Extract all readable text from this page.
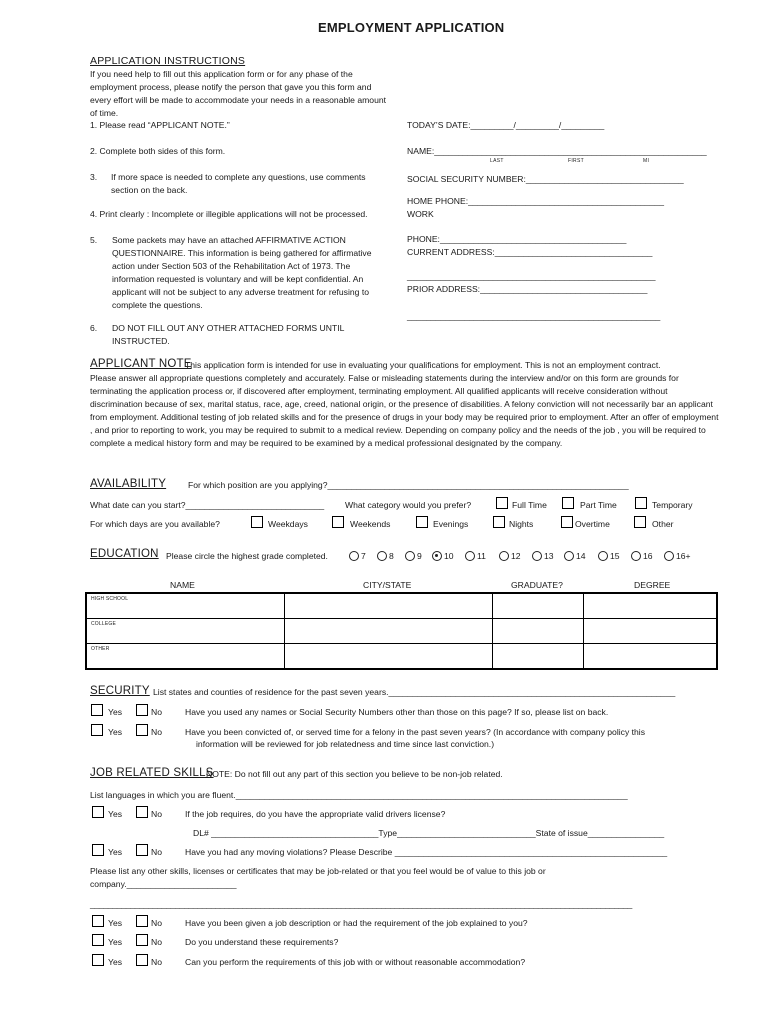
EMPLOYMENT APPLICATION
APPLICATION INSTRUCTIONS
If you need help to fill out this application form or for any phase of the employment process, please notify the person that gave you this form and every effort will be made to accommodate your needs in a reasonable amount of time.
1. Please read “APPLICANT NOTE.”
2. Complete both sides of this form.
3. If more space is needed to complete any questions, use comments section on the back.
4. Print clearly : Incomplete or illegible applications will not be processed.
5. Some packets may have an attached AFFIRMATIVE ACTION QUESTIONNAIRE. This information is being gathered for affirmative action under Section 503 of the Rehabilitation Act of 1973. The information requested is voluntary and will be kept confidential. An applicant will not be subject to any adverse treatment for refusing to complete the questions.
6. DO NOT FILL OUT ANY OTHER ATTACHED FORMS UNTIL INSTRUCTED.
TODAY’S DATE:_________/_________/_________
NAME:_________________________________________________________
LAST	FIRST	MI
SOCIAL SECURITY NUMBER:_________________________________
HOME PHONE:_________________________________________
WORK
PHONE:_______________________________________
CURRENT ADDRESS:_________________________________
____________________________________________________
PRIOR ADDRESS:___________________________________
_____________________________________________________
APPLICANT NOTE
This application form is intended for use in evaluating your qualifications for employment. This is not an employment contract.
Please answer all appropriate questions completely and accurately. False or misleading statements during the interview and/or on this form are grounds for terminating the application process or, if discovered after employment, terminating employment. All qualified applicants will receive consideration without discrimination because of sex, marital status, race, age, creed, national origin, or the presence of disabilities. A felony conviction will not necessarily bar an applicant from employment. Additional testing of job related skills and for the presence of drugs in your body may be required prior to employment. After an offer of employment , and prior to reporting to work, you may be required to submit to a medical review. Depending on company policy and the needs of the job , you will be required to complete a medical history form and may be required to be examined by a medical professional designated by the company.
AVAILABILITY	For which position are you applying?_______________________________________________________________
What date can you start?_____________________________ What category would you prefer?	Full Time	Part Time	Temporary
For which days are you available?	Weekdays	Weekends	Evenings	Nights	Overtime	Other
EDUCATION Please circle the highest grade completed.	7	8	9	10	11	12	13	14	15	16	16+
NAME	CITY/STATE	GRADUATE?	DEGREE
HIGH SCHOOL			

COLLEGE			

OTHER			

SECURITY List states and counties of residence for the past seven years.____________________________________________________________
Yes	No	Have you used any names or Social Security Numbers other than those on this page? If so, please list on back.
Yes	No	Have you been convicted of, or served time for a felony in the past seven years? (In accordance with company policy this
information will be reviewed for job relatedness and time since last conviction.)
JOB RELATED SKILLS
NOTE: Do not fill out any part of this section you believe to be non-job related.
List languages in which you are fluent.__________________________________________________________________________________
Yes	No	If the job requires, do you have the appropriate valid drivers license?
DL# ___________________________________Type_____________________________State of issue________________
Yes	No	Have you had any moving violations? Please Describe _________________________________________________________
Please list any other skills, licenses or certificates that may be job-related or that you feel would be of value to this job or
company._______________________
_________________________________________________________________________________________________________________________
Yes	No	Have you been given a job description or had the requirement of the job explained to you?
Yes	No	Do you understand these requirements?
Yes	No	Can you perform the requirements of this job with or without reasonable accommodation?
